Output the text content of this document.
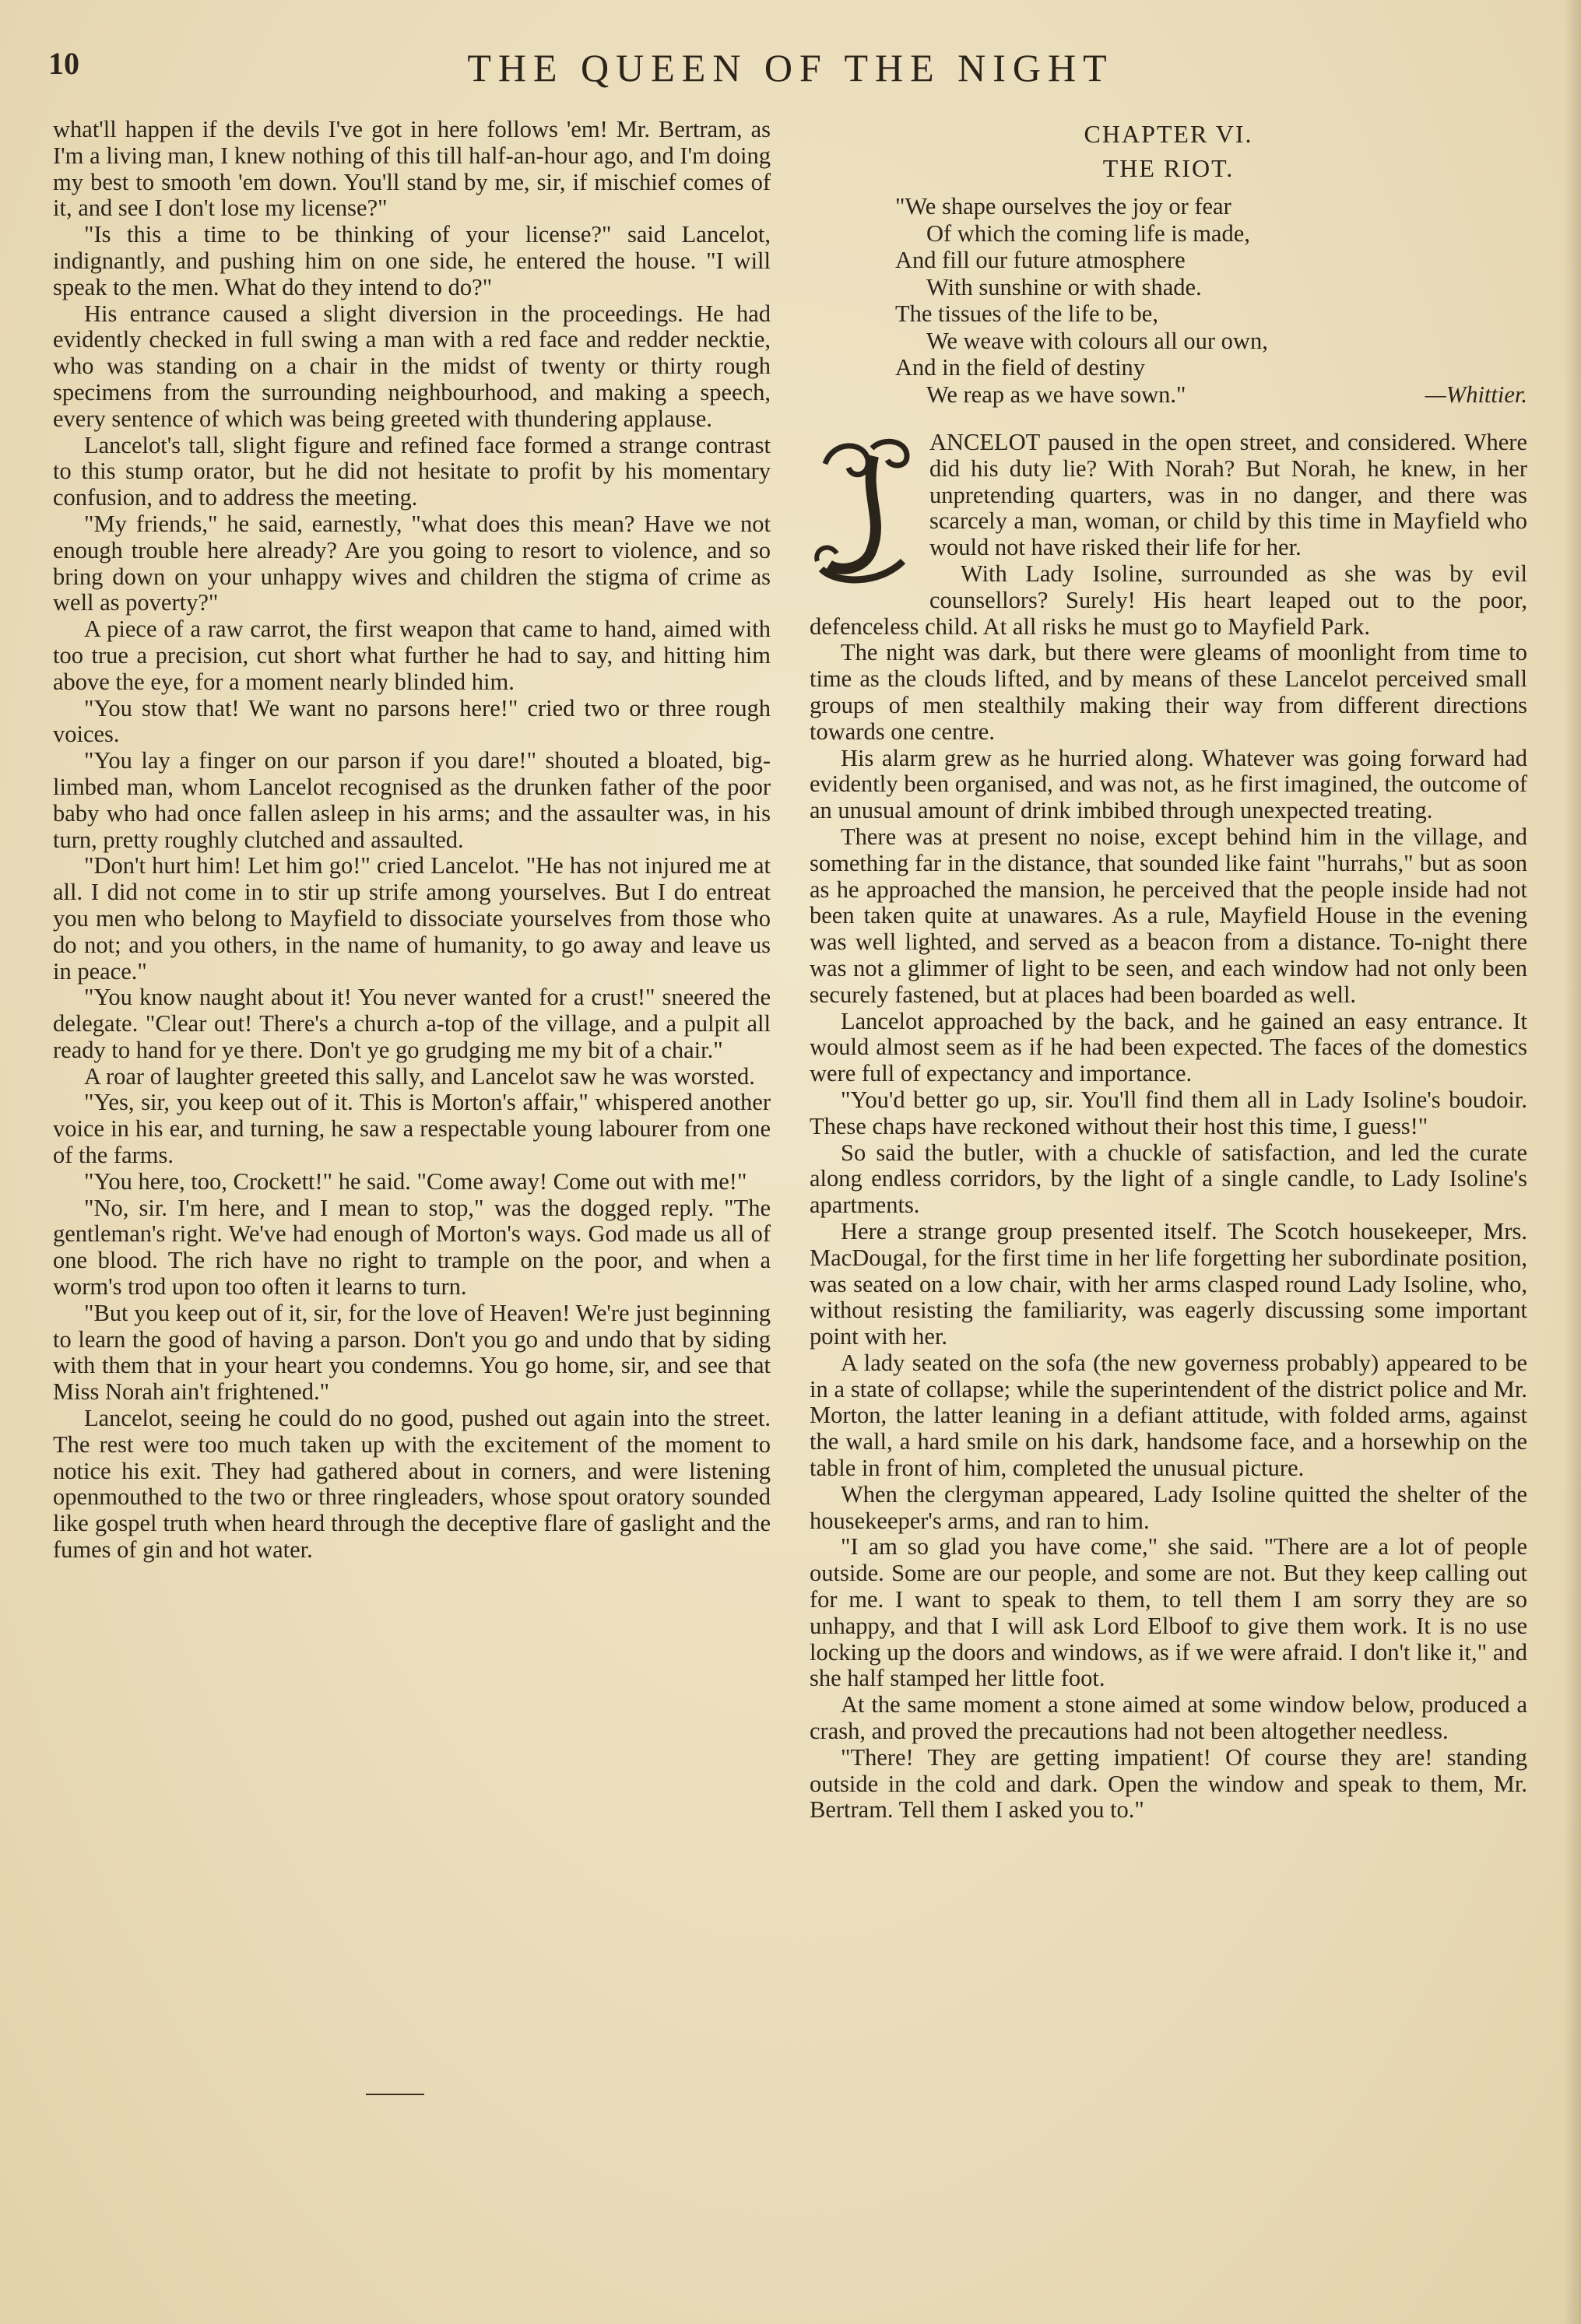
10	THE QUEEN OF THE NIGHT

what'll happen if the devils I've got in here follows 'em! Mr. Bertram, as I'm a living man, I knew nothing of this till half-an-hour ago, and I'm doing my best to smooth 'em down. You'll stand by me, sir, if mischief comes of it, and see I don't lose my license?"

"Is this a time to be thinking of your license?" said Lancelot, indignantly, and pushing him on one side, he entered the house. "I will speak to the men. What do they intend to do?"

His entrance caused a slight diversion in the proceedings. He had evidently checked in full swing a man with a red face and redder necktie, who was standing on a chair in the midst of twenty or thirty rough specimens from the surrounding neighbourhood, and making a speech, every sentence of which was being greeted with thundering applause.

Lancelot's tall, slight figure and refined face formed a strange contrast to this stump orator, but he did not hesitate to profit by his momentary confusion, and to address the meeting.

"My friends," he said, earnestly, "what does this mean? Have we not enough trouble here already? Are you going to resort to violence, and so bring down on your unhappy wives and children the stigma of crime as well as poverty?"

A piece of a raw carrot, the first weapon that came to hand, aimed with too true a precision, cut short what further he had to say, and hitting him above the eye, for a moment nearly blinded him.

"You stow that! We want no parsons here!" cried two or three rough voices.

"You lay a finger on our parson if you dare!" shouted a bloated, big-limbed man, whom Lancelot recognised as the drunken father of the poor baby who had once fallen asleep in his arms; and the assaulter was, in his turn, pretty roughly clutched and assaulted.

"Don't hurt him! Let him go!" cried Lancelot. "He has not injured me at all. I did not come in to stir up strife among yourselves. But I do entreat you men who belong to Mayfield to dissociate yourselves from those who do not; and you others, in the name of humanity, to go away and leave us in peace."

"You know naught about it! You never wanted for a crust!" sneered the delegate. "Clear out! There's a church a-top of the village, and a pulpit all ready to hand for ye there. Don't ye go grudging me my bit of a chair."

A roar of laughter greeted this sally, and Lancelot saw he was worsted.

"Yes, sir, you keep out of it. This is Morton's affair," whispered another voice in his ear, and turning, he saw a respectable young labourer from one of the farms.

"You here, too, Crockett!" he said. "Come away! Come out with me!"

"No, sir. I'm here, and I mean to stop," was the dogged reply. "The gentleman's right. We've had enough of Morton's ways. God made us all of one blood. The rich have no right to trample on the poor, and when a worm's trod upon too often it learns to turn.

"But you keep out of it, sir, for the love of Heaven! We're just beginning to learn the good of having a parson. Don't you go and undo that by siding with them that in your heart you condemns. You go home, sir, and see that Miss Norah ain't frightened."

Lancelot, seeing he could do no good, pushed out again into the street. The rest were too much taken up with the excitement of the moment to notice his exit. They had gathered about in corners, and were listening openmouthed to the two or three ringleaders, whose spout oratory sounded like gospel truth when heard through the deceptive flare of gaslight and the fumes of gin and hot water.

CHAPTER VI.

THE RIOT.

"We shape ourselves the joy or fear
Of which the coming life is made,
And fill our future atmosphere
With sunshine or with shade.
The tissues of the life to be,
We weave with colours all our own,
And in the field of destiny
We reap as we have sown."	—Whittier.

ANCELOT paused in the open street, and considered. Where did his duty lie? With Norah? But Norah, he knew, in her unpretending quarters, was in no danger, and there was scarcely a man, woman, or child by this time in Mayfield who would not have risked their life for her.

With Lady Isoline, surrounded as she was by evil counsellors? Surely! His heart leaped out to the poor, defenceless child. At all risks he must go to Mayfield Park.

The night was dark, but there were gleams of moonlight from time to time as the clouds lifted, and by means of these Lancelot perceived small groups of men stealthily making their way from different directions towards one centre.

His alarm grew as he hurried along. Whatever was going forward had evidently been organised, and was not, as he first imagined, the outcome of an unusual amount of drink imbibed through unexpected treating.

There was at present no noise, except behind him in the village, and something far in the distance, that sounded like faint "hurrahs," but as soon as he approached the mansion, he perceived that the people inside had not been taken quite at unawares. As a rule, Mayfield House in the evening was well lighted, and served as a beacon from a distance. To-night there was not a glimmer of light to be seen, and each window had not only been securely fastened, but at places had been boarded as well.

Lancelot approached by the back, and he gained an easy entrance. It would almost seem as if he had been expected. The faces of the domestics were full of expectancy and importance.

"You'd better go up, sir. You'll find them all in Lady Isoline's boudoir. These chaps have reckoned without their host this time, I guess!"

So said the butler, with a chuckle of satisfaction, and led the curate along endless corridors, by the light of a single candle, to Lady Isoline's apartments.

Here a strange group presented itself. The Scotch housekeeper, Mrs. MacDougal, for the first time in her life forgetting her subordinate position, was seated on a low chair, with her arms clasped round Lady Isoline, who, without resisting the familiarity, was eagerly discussing some important point with her.

A lady seated on the sofa (the new governess probably) appeared to be in a state of collapse; while the superintendent of the district police and Mr. Morton, the latter leaning in a defiant attitude, with folded arms, against the wall, a hard smile on his dark, handsome face, and a horsewhip on the table in front of him, completed the unusual picture.

When the clergyman appeared, Lady Isoline quitted the shelter of the housekeeper's arms, and ran to him.

"I am so glad you have come," she said. "There are a lot of people outside. Some are our people, and some are not. But they keep calling out for me. I want to speak to them, to tell them I am sorry they are so unhappy, and that I will ask Lord Elboof to give them work. It is no use locking up the doors and windows, as if we were afraid. I don't like it," and she half stamped her little foot.

At the same moment a stone aimed at some window below, produced a crash, and proved the precautions had not been altogether needless.

"There! They are getting impatient! Of course they are! standing outside in the cold and dark. Open the window and speak to them, Mr. Bertram. Tell them I asked you to."
